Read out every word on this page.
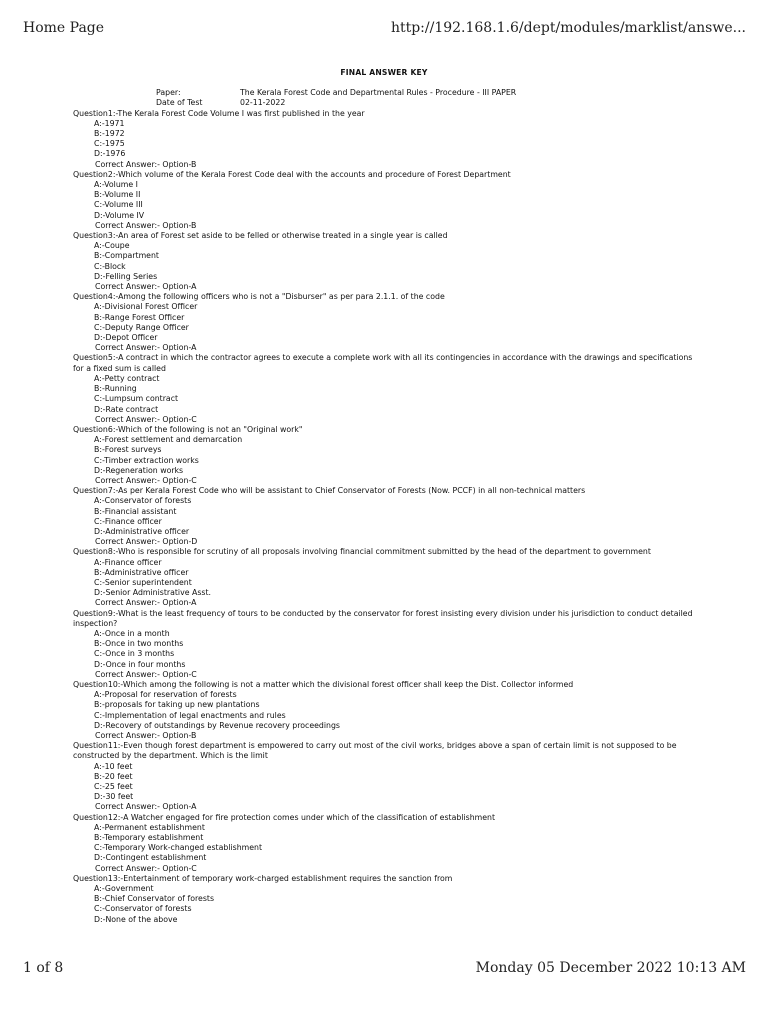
Home Page	http://192.168.1.6/dept/modules/marklist/answe...
FINAL ANSWER KEY
Paper:	The Kerala Forest Code and Departmental Rules - Procedure - III PAPER
Date of Test	02-11-2022
Question1:-The Kerala Forest Code Volume I was first published in the year
A:-1971
B:-1972
C:-1975
D:-1976
Correct Answer:- Option-B
Question2:-Which volume of the Kerala Forest Code deal with the accounts and procedure of Forest Department
A:-Volume I
B:-Volume II
C:-Volume III
D:-Volume IV
Correct Answer:- Option-B
Question3:-An area of Forest set aside to be felled or otherwise treated in a single year is called
A:-Coupe
B:-Compartment
C:-Block
D:-Felling Series
Correct Answer:- Option-A
Question4:-Among the following officers who is not a "Disburser" as per para 2.1.1. of the code
A:-Divisional Forest Officer
B:-Range Forest Officer
C:-Deputy Range Officer
D:-Depot Officer
Correct Answer:- Option-A
Question5:-A contract in which the contractor agrees to execute a complete work with all its contingencies in accordance with the drawings and specifications for a fixed sum is called
A:-Petty contract
B:-Running
C:-Lumpsum contract
D:-Rate contract
Correct Answer:- Option-C
Question6:-Which of the following is not an "Original work"
A:-Forest settlement and demarcation
B:-Forest surveys
C:-Timber extraction works
D:-Regeneration works
Correct Answer:- Option-C
Question7:-As per Kerala Forest Code who will be assistant to Chief Conservator of Forests (Now. PCCF) in all non-technical matters
A:-Conservator of forests
B:-Financial assistant
C:-Finance officer
D:-Administrative officer
Correct Answer:- Option-D
Question8:-Who is responsible for scrutiny of all proposals involving financial commitment submitted by the head of the department to government
A:-Finance officer
B:-Administrative officer
C:-Senior superintendent
D:-Senior Administrative Asst.
Correct Answer:- Option-A
Question9:-What is the least frequency of tours to be conducted by the conservator for forest insisting every division under his jurisdiction to conduct detailed inspection?
A:-Once in a month
B:-Once in two months
C:-Once in 3 months
D:-Once in four months
Correct Answer:- Option-C
Question10:-Which among the following is not a matter which the divisional forest officer shall keep the Dist. Collector informed
A:-Proposal for reservation of forests
B:-proposals for taking up new plantations
C:-Implementation of legal enactments and rules
D:-Recovery of outstandings by Revenue recovery proceedings
Correct Answer:- Option-B
Question11:-Even though forest department is empowered to carry out most of the civil works, bridges above a span of certain limit is not supposed to be constructed by the department. Which is the limit
A:-10 feet
B:-20 feet
C:-25 feet
D:-30 feet
Correct Answer:- Option-A
Question12:-A Watcher engaged for fire protection comes under which of the classification of establishment
A:-Permanent establishment
B:-Temporary establishment
C:-Temporary Work-changed establishment
D:-Contingent establishment
Correct Answer:- Option-C
Question13:-Entertainment of temporary work-charged establishment requires the sanction from
A:-Government
B:-Chief Conservator of forests
C:-Conservator of forests
D:-None of the above
1 of 8	Monday 05 December 2022 10:13 AM
